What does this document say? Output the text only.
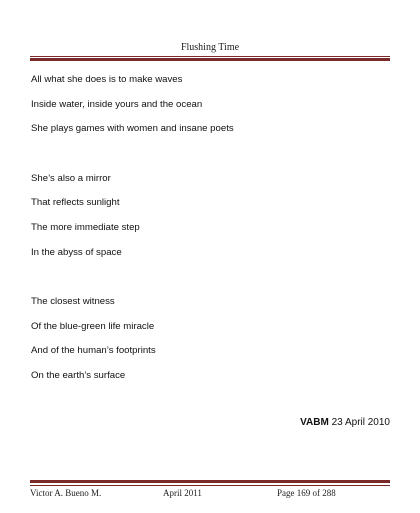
Flushing Time
All what she does is to make waves
Inside water, inside yours and the ocean
She plays games with women and insane poets
She’s also a mirror
That reflects sunlight
The more immediate step
In the abyss of space
The closest witness
Of the blue-green life miracle
And of the human’s footprints
On the earth’s surface
VABM 23 April 2010
Victor A. Bueno M.	April 2011	Page 169 of 288
